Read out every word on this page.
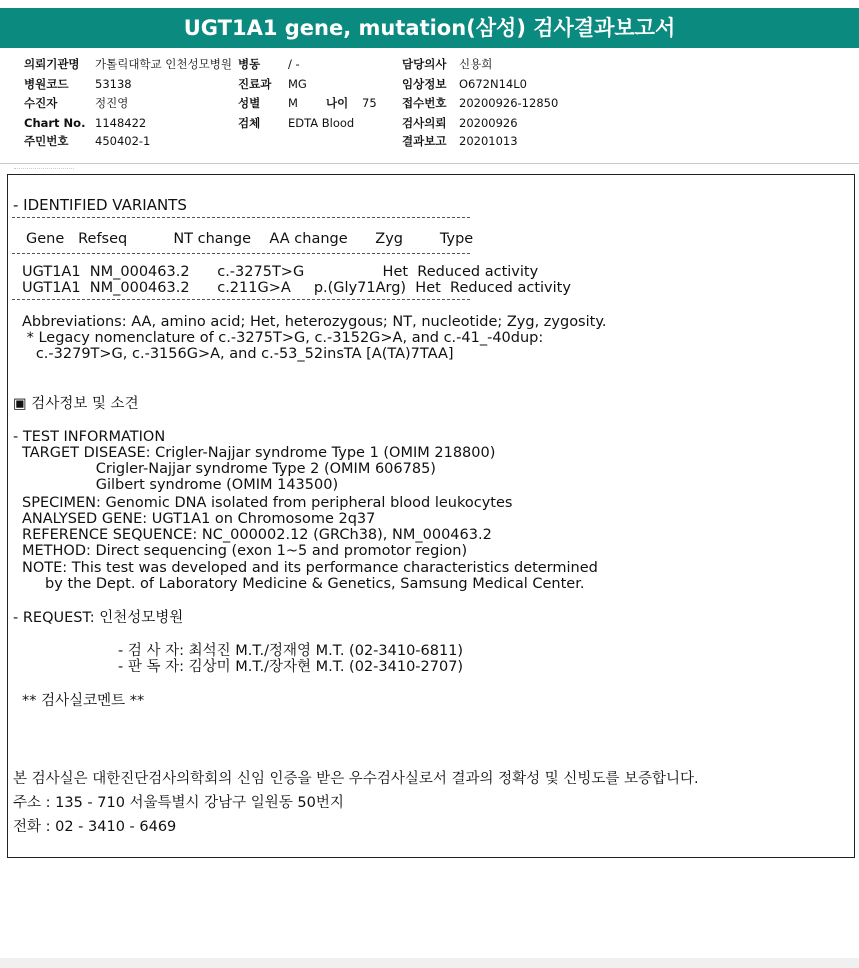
UGT1A1 gene, mutation(삼성) 검사결과보고서
의뢰기관명 가톨릭대학교 인천성모병원
병원코드 53138
수진자	정진영
Chart No. 1148422
주민번호 450402-1
병동 / -
진료과 MG
성별 M 나이 75
검체 EDTA Blood
담당의사 신용희
임상정보 O672N14L0
접수번호 20200926-12850
검사의뢰 20200926
결과보고 20201013
- IDENTIFIED VARIANTS
Gene   Refseq          NT change    AA change      Zyg        Type
UGT1A1  NM_000463.2      c.-3275T>G                 Het  Reduced activity
UGT1A1  NM_000463.2      c.211G>A     p.(Gly71Arg)  Het  Reduced activity
Abbreviations: AA, amino acid; Het, heterozygous; NT, nucleotide; Zyg, zygosity.
* Legacy nomenclature of c.-3275T>G, c.-3152G>A, and c.-41_-40dup:
c.-3279T>G, c.-3156G>A, and c.-53_52insTA [A(TA)7TAA]
▣ 검사정보 및 소견
- TEST INFORMATION
TARGET DISEASE: Crigler-Najjar syndrome Type 1 (OMIM 218800)
Crigler-Najjar syndrome Type 2 (OMIM 606785)
Gilbert syndrome (OMIM 143500)
SPECIMEN: Genomic DNA isolated from peripheral blood leukocytes
ANALYSED GENE: UGT1A1 on Chromosome 2q37
REFERENCE SEQUENCE: NC_000002.12 (GRCh38), NM_000463.2
METHOD: Direct sequencing (exon 1~5 and promotor region)
NOTE: This test was developed and its performance characteristics determined
by the Dept. of Laboratory Medicine & Genetics, Samsung Medical Center.
- REQUEST: 인천성모병원
- 검 사 자: 최석진 M.T./정재영 M.T. (02-3410-6811)
- 판 독 자: 김상미 M.T./장자현 M.T. (02-3410-2707)
** 검사실코멘트 **
본 검사실은 대한진단검사의학회의 신임 인증을 받은 우수검사실로서 결과의 정확성 및 신빙도를 보증합니다.
주소 : 135 - 710 서울특별시 강남구 일원동 50번지
전화 : 02 - 3410 - 6469
